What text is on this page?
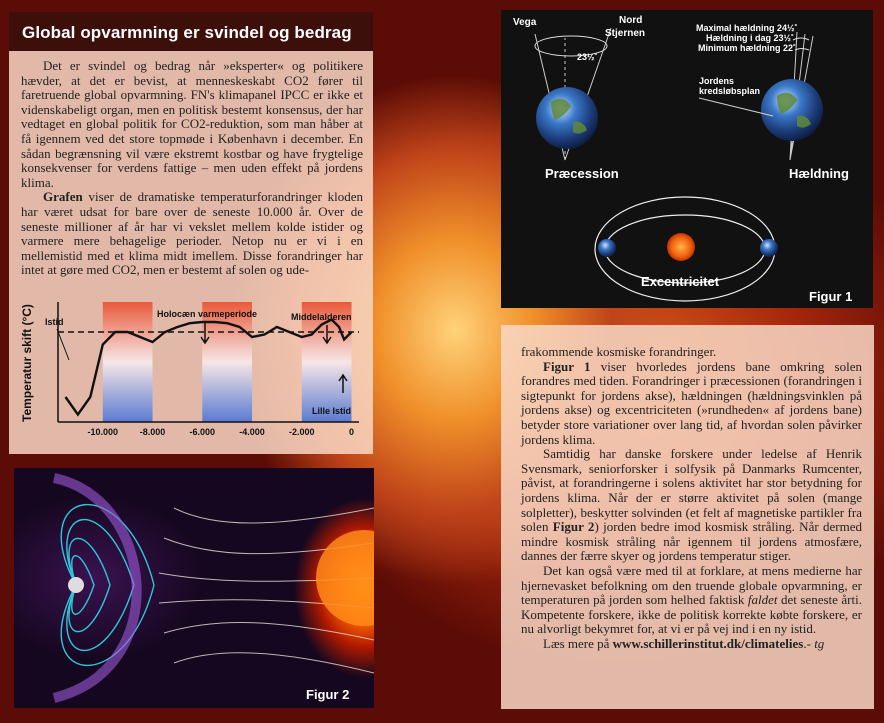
Global opvarmning er svindel og bedrag

Det er svindel og bedrag når »eksperter« og politikere hævder, at det er bevist, at menneskeskabt CO2 fører til faretruende global opvarmning. FN's klimapanel IPCC er ikke et videnskabeligt organ, men en politisk bestemt konsensus, der har vedtaget en global politik for CO2-reduktion, som man håber at få igennem ved det store topmøde i København i december. En sådan begrænsning vil være ekstremt kostbar og have frygtelige konsekvenser for verdens fattige – men uden effekt på jordens klima.

Grafen viser de dramatiske temperaturforandringer kloden har været udsat for bare over de seneste 10.000 år. Over de seneste millioner af år har vi vekslet mellem kolde istider og varmere mere behagelige perioder. Netop nu er vi i en mellemistid med et klima midt imellem. Disse forandringer har intet at gøre med CO2, men er bestemt af solen og ude-

-10.000 -8.000	-6.000	-4.000	-2.000	0
Temperatur skift (°C) Istid
Holocæn varmeperiode	Middelalderen
Lille Istid
Vega	Nord
Stjernen
23½˚
Præcession
Maximal hældning 24½˚
Hældning i dag 23½˚
Minimum hældning 22˚
Jordens
kredsløbsplan
Hældning
Excentricitet
Figur 1
Figur 2

frakommende kosmiske forandringer.

Figur 1 viser hvorledes jordens bane omkring solen forandres med tiden. Forandringer i præcessionen (forandringen i sigtepunkt for jordens akse), hældningen (hældningsvinklen på jordens akse) og excentriciteten (»rundheden« af jordens bane) betyder store variationer over lang tid, af hvordan solen påvirker jordens klima.

Samtidig har danske forskere under ledelse af Henrik Svensmark, seniorforsker i solfysik på Danmarks Rumcenter, påvist, at forandringerne i solens aktivitet har stor betydning for jordens klima. Når der er større aktivitet på solen (mange solpletter), beskytter solvinden (et felt af magnetiske partikler fra solen Figur 2) jorden bedre imod kosmisk stråling. Når dermed mindre kosmisk stråling når igennem til jordens atmosfære, dannes der færre skyer og jordens temperatur stiger.

Det kan også være med til at forklare, at mens medierne har hjernevasket befolkning om den truende globale opvarmning, er temperaturen på jorden som helhed faktisk faldet det seneste årti. Kompetente forskere, ikke de politisk korrekte købte forskere, er nu alvorligt bekymret for, at vi er på vej ind i en ny istid.

Læs mere på www.schillerinstitut.dk/climatelies.- tg
